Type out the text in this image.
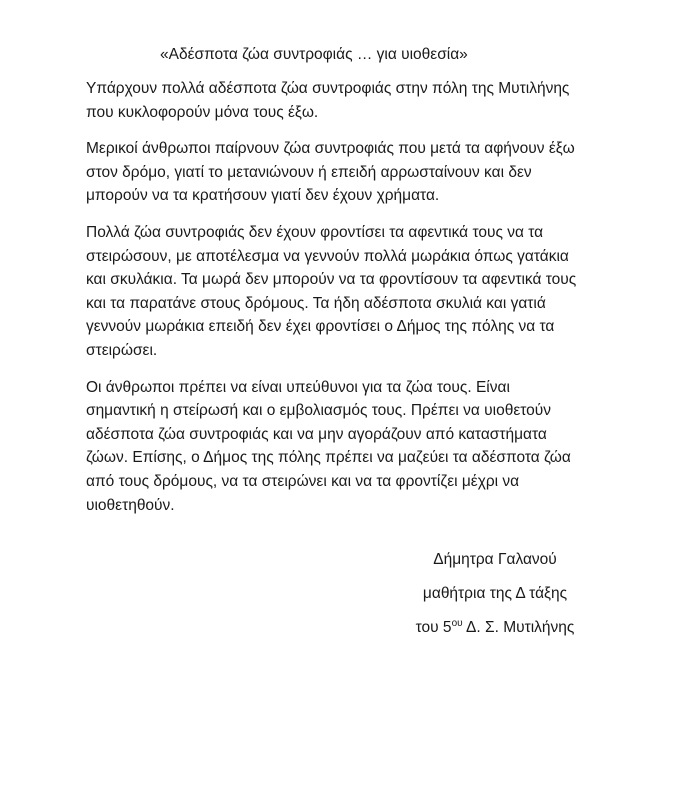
«Αδέσποτα ζώα συντροφιάς … για υιοθεσία»

Υπάρχουν πολλά αδέσποτα ζώα συντροφιάς στην πόλη της Μυτιλήνης
που κυκλοφορούν μόνα τους έξω.

Μερικοί άνθρωποι παίρνουν ζώα συντροφιάς που μετά τα αφήνουν έξω
στον δρόμο, γιατί το μετανιώνουν ή επειδή αρρωσταίνουν και δεν
μπορούν να τα κρατήσουν γιατί δεν έχουν χρήματα.

Πολλά ζώα συντροφιάς δεν έχουν φροντίσει τα αφεντικά τους να τα
στειρώσουν, με αποτέλεσμα να γεννούν πολλά μωράκια όπως γατάκια
και σκυλάκια. Τα μωρά δεν μπορούν να τα φροντίσουν τα αφεντικά τους
και τα παρατάνε στους δρόμους. Τα ήδη αδέσποτα σκυλιά και γατιά
γεννούν μωράκια επειδή δεν έχει φροντίσει ο Δήμος της πόλης να τα
στειρώσει.

Οι άνθρωποι πρέπει να είναι υπεύθυνοι για τα ζώα τους. Είναι
σημαντική η στείρωσή και ο εμβολιασμός τους. Πρέπει να υιοθετούν
αδέσποτα ζώα συντροφιάς και να μην αγοράζουν από καταστήματα
ζώων. Επίσης, ο Δήμος της πόλης πρέπει να μαζεύει τα αδέσποτα ζώα
από τους δρόμους, να τα στειρώνει και να τα φροντίζει μέχρι να
υιοθετηθούν.

Δήμητρα Γαλανού
μαθήτρια της Δ τάξης
του $5^{o\upsilon}$ Δ. Σ. Μυτιλήνης
